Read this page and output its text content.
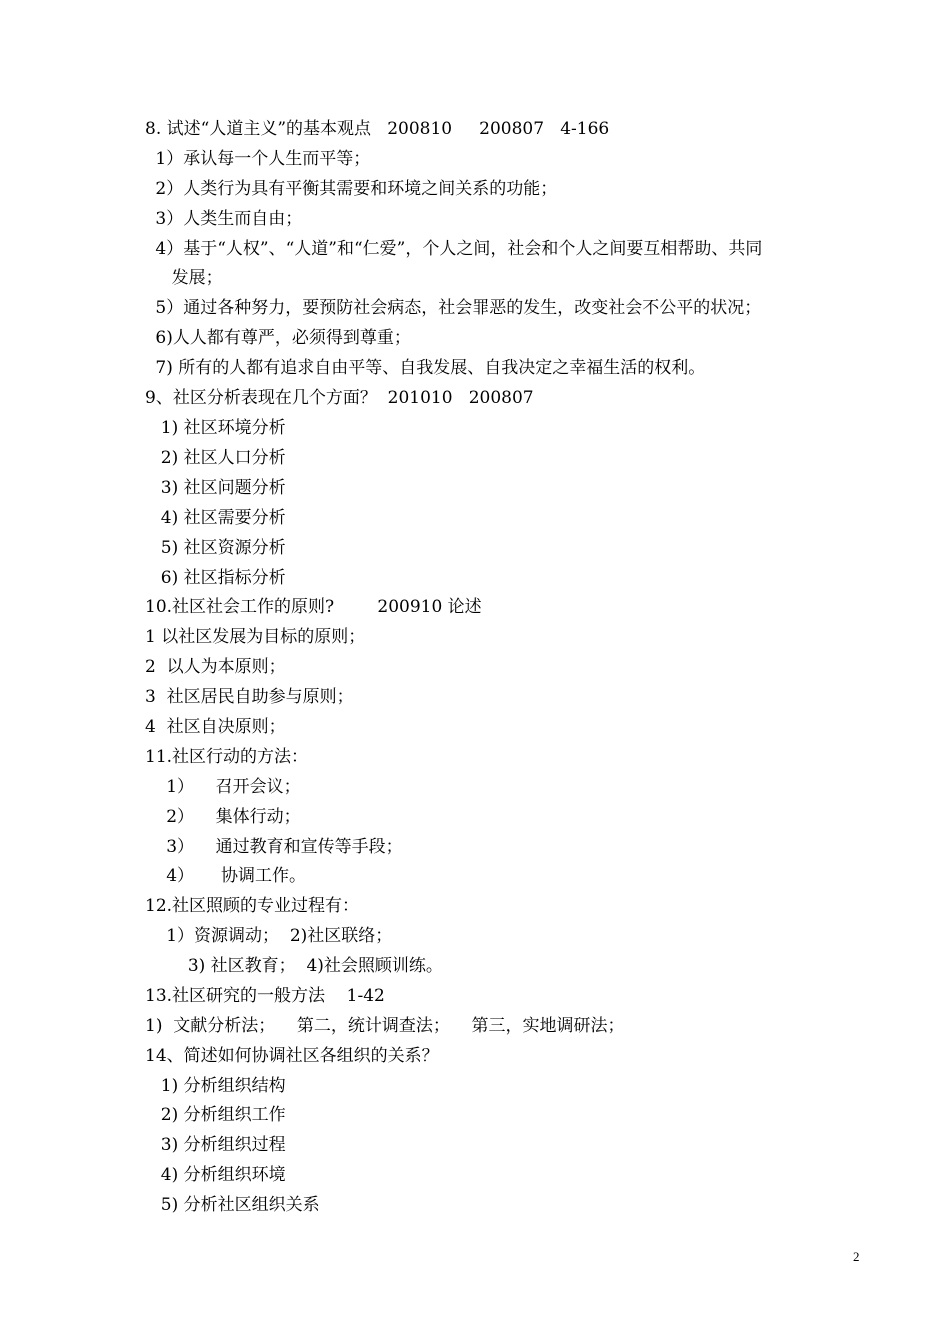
8. 试述“人道主义”的基本观点   200810     200807   4-166

1）承认每一个人生而平等；

2）人类行为具有平衡其需要和环境之间关系的功能；

3）人类生而自由；

4）基于“人权”、“人道”和“仁爱”，个人之间，社会和个人之间要互相帮助、共同

发展；

5）通过各种努力，要预防社会病态，社会罪恶的发生，改变社会不公平的状况；

6)人人都有尊严，必须得到尊重；

7) 所有的人都有追求自由平等、自我发展、自我决定之幸福生活的权利。

9、社区分析表现在几个方面？  201010   200807

1) 社区环境分析

2) 社区人口分析

3) 社区问题分析

4) 社区需要分析

5) 社区资源分析

6) 社区指标分析

10.社区社会工作的原则?        200910 论述

1 以社区发展为目标的原则；

2  以人为本原则；

3  社区居民自助参与原则；

4  社区自决原则；

11.社区行动的方法：

1）    召开会议；

2）    集体行动；

3）    通过教育和宣传等手段；

4）     协调工作。

12.社区照顾的专业过程有：

1）资源调动；  2)社区联络；

3) 社区教育；  4)社会照顾训练。

13.社区研究的一般方法    1-42

1)  文献分析法；    第二，统计调查法；    第三，实地调研法；

14、简述如何协调社区各组织的关系？

1) 分析组织结构

2) 分析组织工作

3) 分析组织过程

4) 分析组织环境

5) 分析社区组织关系

2
